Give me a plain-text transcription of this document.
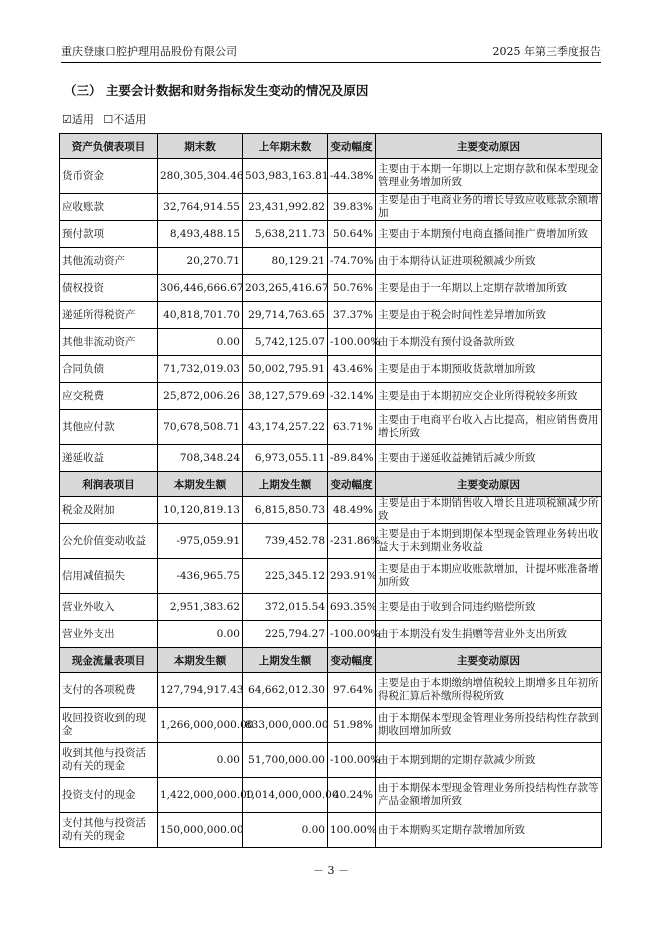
重庆登康口腔护理用品股份有限公司	2025 年第三季度报告
（三） 主要会计数据和财务指标发生变动的情况及原因
☑适用 ☐不适用
资产负债表项目	期末数	上年期末数	变动幅度	主要变动原因
货币资金	280,305,304.46	503,983,163.81	-44.38%	主要由于本期一年期以上定期存款和保本型现金管理业务增加所致
应收账款	32,764,914.55	23,431,992.82	39.83%	主要是由于电商业务的增长导致应收账款余额增加
预付款项	8,493,488.15	5,638,211.73	50.64%	主要由于本期预付电商直播间推广费增加所致
其他流动资产	20,270.71	80,129.21	-74.70%	由于本期待认证进项税额减少所致
债权投资	306,446,666.67	203,265,416.67	50.76%	主要是由于一年期以上定期存款增加所致
递延所得税资产	40,818,701.70	29,714,763.65	37.37%	主要是由于税会时间性差异增加所致
其他非流动资产	0.00	5,742,125.07	-100.00%	由于本期没有预付设备款所致
合同负债	71,732,019.03	50,002,795.91	43.46%	主要是由于本期预收货款增加所致
应交税费	25,872,006.26	38,127,579.69	-32.14%	主要是由于本期初应交企业所得税较多所致
其他应付款	70,678,508.71	43,174,257.22	63.71%	主要由于电商平台收入占比提高，相应销售费用增长所致
递延收益	708,348.24	6,973,055.11	-89.84%	主要由于递延收益摊销后减少所致
利润表项目	本期发生额	上期发生额	变动幅度	主要变动原因
税金及附加	10,120,819.13	6,815,850.73	48.49%	主要是由于本期销售收入增长且进项税额减少所致
公允价值变动收益	-975,059.91	739,452.78	-231.86%	主要是由于本期到期保本型现金管理业务转出收益大于未到期业务收益
信用减值损失	-436,965.75	225,345.12	293.91%	主要是由于本期应收账款增加，计提坏账准备增加所致
营业外收入	2,951,383.62	372,015.54	693.35%	主要是由于收到合同违约赔偿所致
营业外支出	0.00	225,794.27	-100.00%	由于本期没有发生捐赠等营业外支出所致
现金流量表项目	本期发生额	上期发生额	变动幅度	主要变动原因
支付的各项税费	127,794,917.43	64,662,012.30	97.64%	主要是由于本期缴纳增值税较上期增多且年初所得税汇算后补缴所得税所致
收回投资收到的现金	1,266,000,000.00	833,000,000.00	51.98%	由于本期保本型现金管理业务所投结构性存款到期收回增加所致
收到其他与投资活动有关的现金	0.00	51,700,000.00	-100.00%	由于本期到期的定期存款减少所致
投资支付的现金	1,422,000,000.00	1,014,000,000.00	40.24%	由于本期保本型现金管理业务所投结构性存款等产品金额增加所致
支付其他与投资活动有关的现金	150,000,000.00	0.00	100.00%	由于本期购买定期存款增加所致
－ 3 －
